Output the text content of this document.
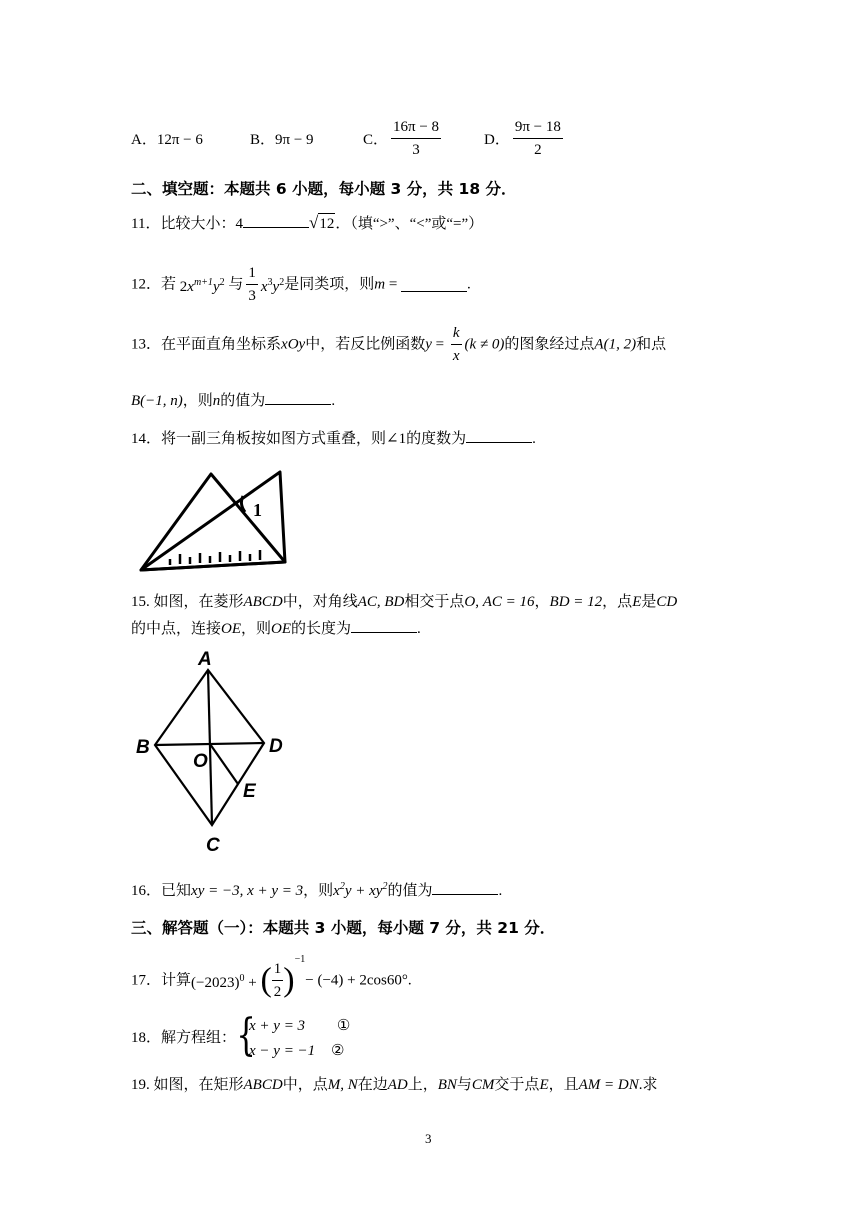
A．12π − 6	B．9π − 9	C． $\frac{16\pi - 8}{3}$	D． $\frac{9\pi - 18}{2}$
二、填空题：本题共 6 小题，每小题 3 分，共 18 分．
11．比较大小：4	√12．（填“>”、“<”或“=”）
12．若 $2x^{m+1}y^2$ 与 $\frac{1}{3} x^3y^2$是同类项，则m =	.
13．在平面直角坐标系xOy中，若反比例函数$y = \frac{k}{x} (k \ne 0)$的图象经过点A(1, 2)和点
B(−1, n)，则n的值为	.
14．将一副三角板按如图方式重叠，则∠1的度数为	.
1
15. 如图，在菱形ABCD中，对角线AC, BD相交于点O, AC = 16，BD = 12，点E是CD
的中点，连接OE，则OE的长度为	.
A
B
C
D
O
E
16．已知xy = −3, x + y = 3，则$x^2y + xy^2$的值为	.
三、解答题（一）：本题共 3 小题，每小题 7 分，共 21 分．
17．计算$(-2023)^0$ + ( $\frac{1}{2} )^{-1}- (-4) + 2\cos 60^\circ$.
18．解方程组： {
x + y = 3 ①
x − y = −1 ②
19. 如图，在矩形ABCD中，点M, N在边AD上，BN与CM交于点E，且AM = DN.求
3
